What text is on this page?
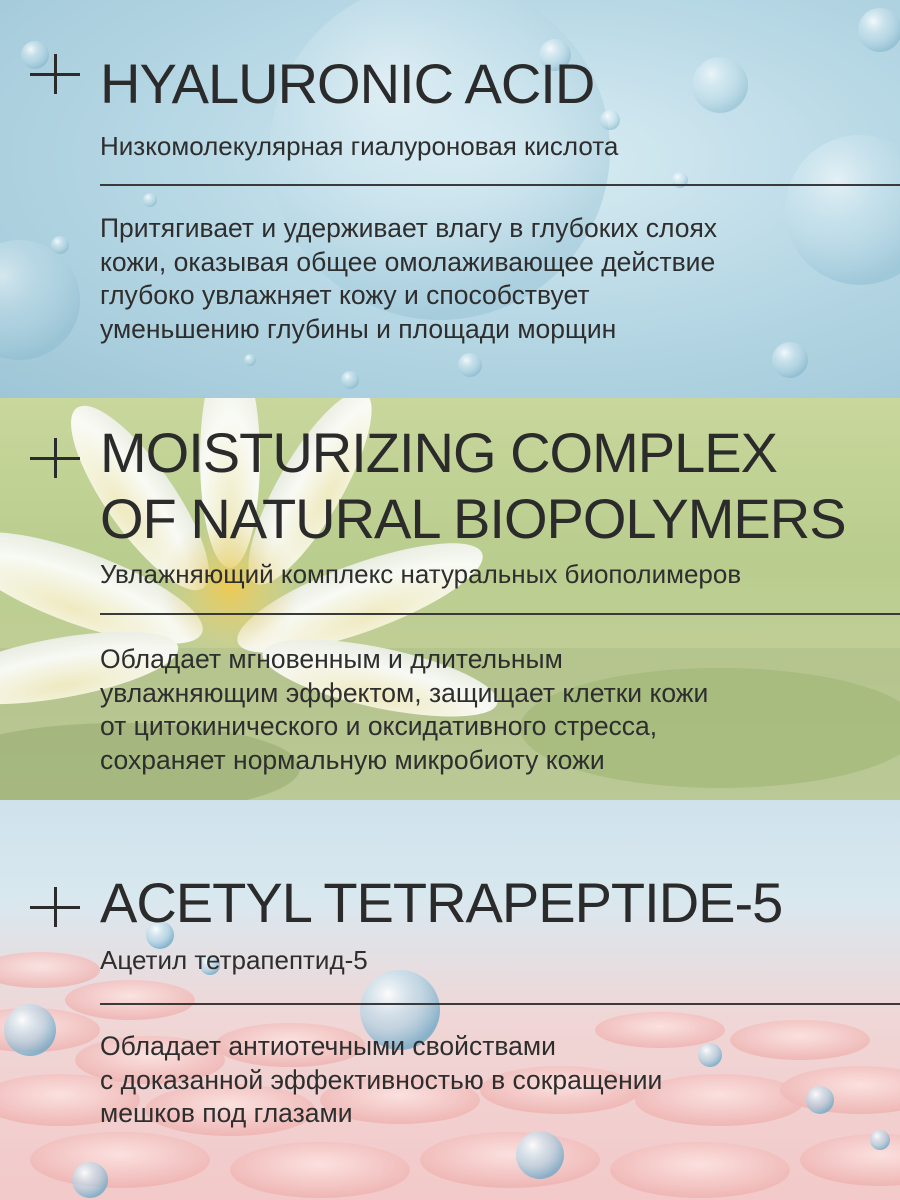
HYALURONIC ACID

Низкомолекулярная гиалуроновая кислота

Притягивает и удерживает влагу в глубоких слоях
кожи, оказывая общее омолаживающее действие
глубоко увлажняет кожу и способствует
уменьшению глубины и площади морщин

MOISTURIZING COMPLEX
OF NATURAL BIOPOLYMERS

Увлажняющий комплекс натуральных биополимеров

Обладает мгновенным и длительным
увлажняющим эффектом, защищает клетки кожи
от цитокинического и оксидативного стресса,
сохраняет нормальную микробиоту кожи

ACETYL TETRAPEPTIDE-5

Ацетил тетрапептид-5

Обладает антиотечными свойствами
с доказанной эффективностью в сокращении
мешков под глазами
